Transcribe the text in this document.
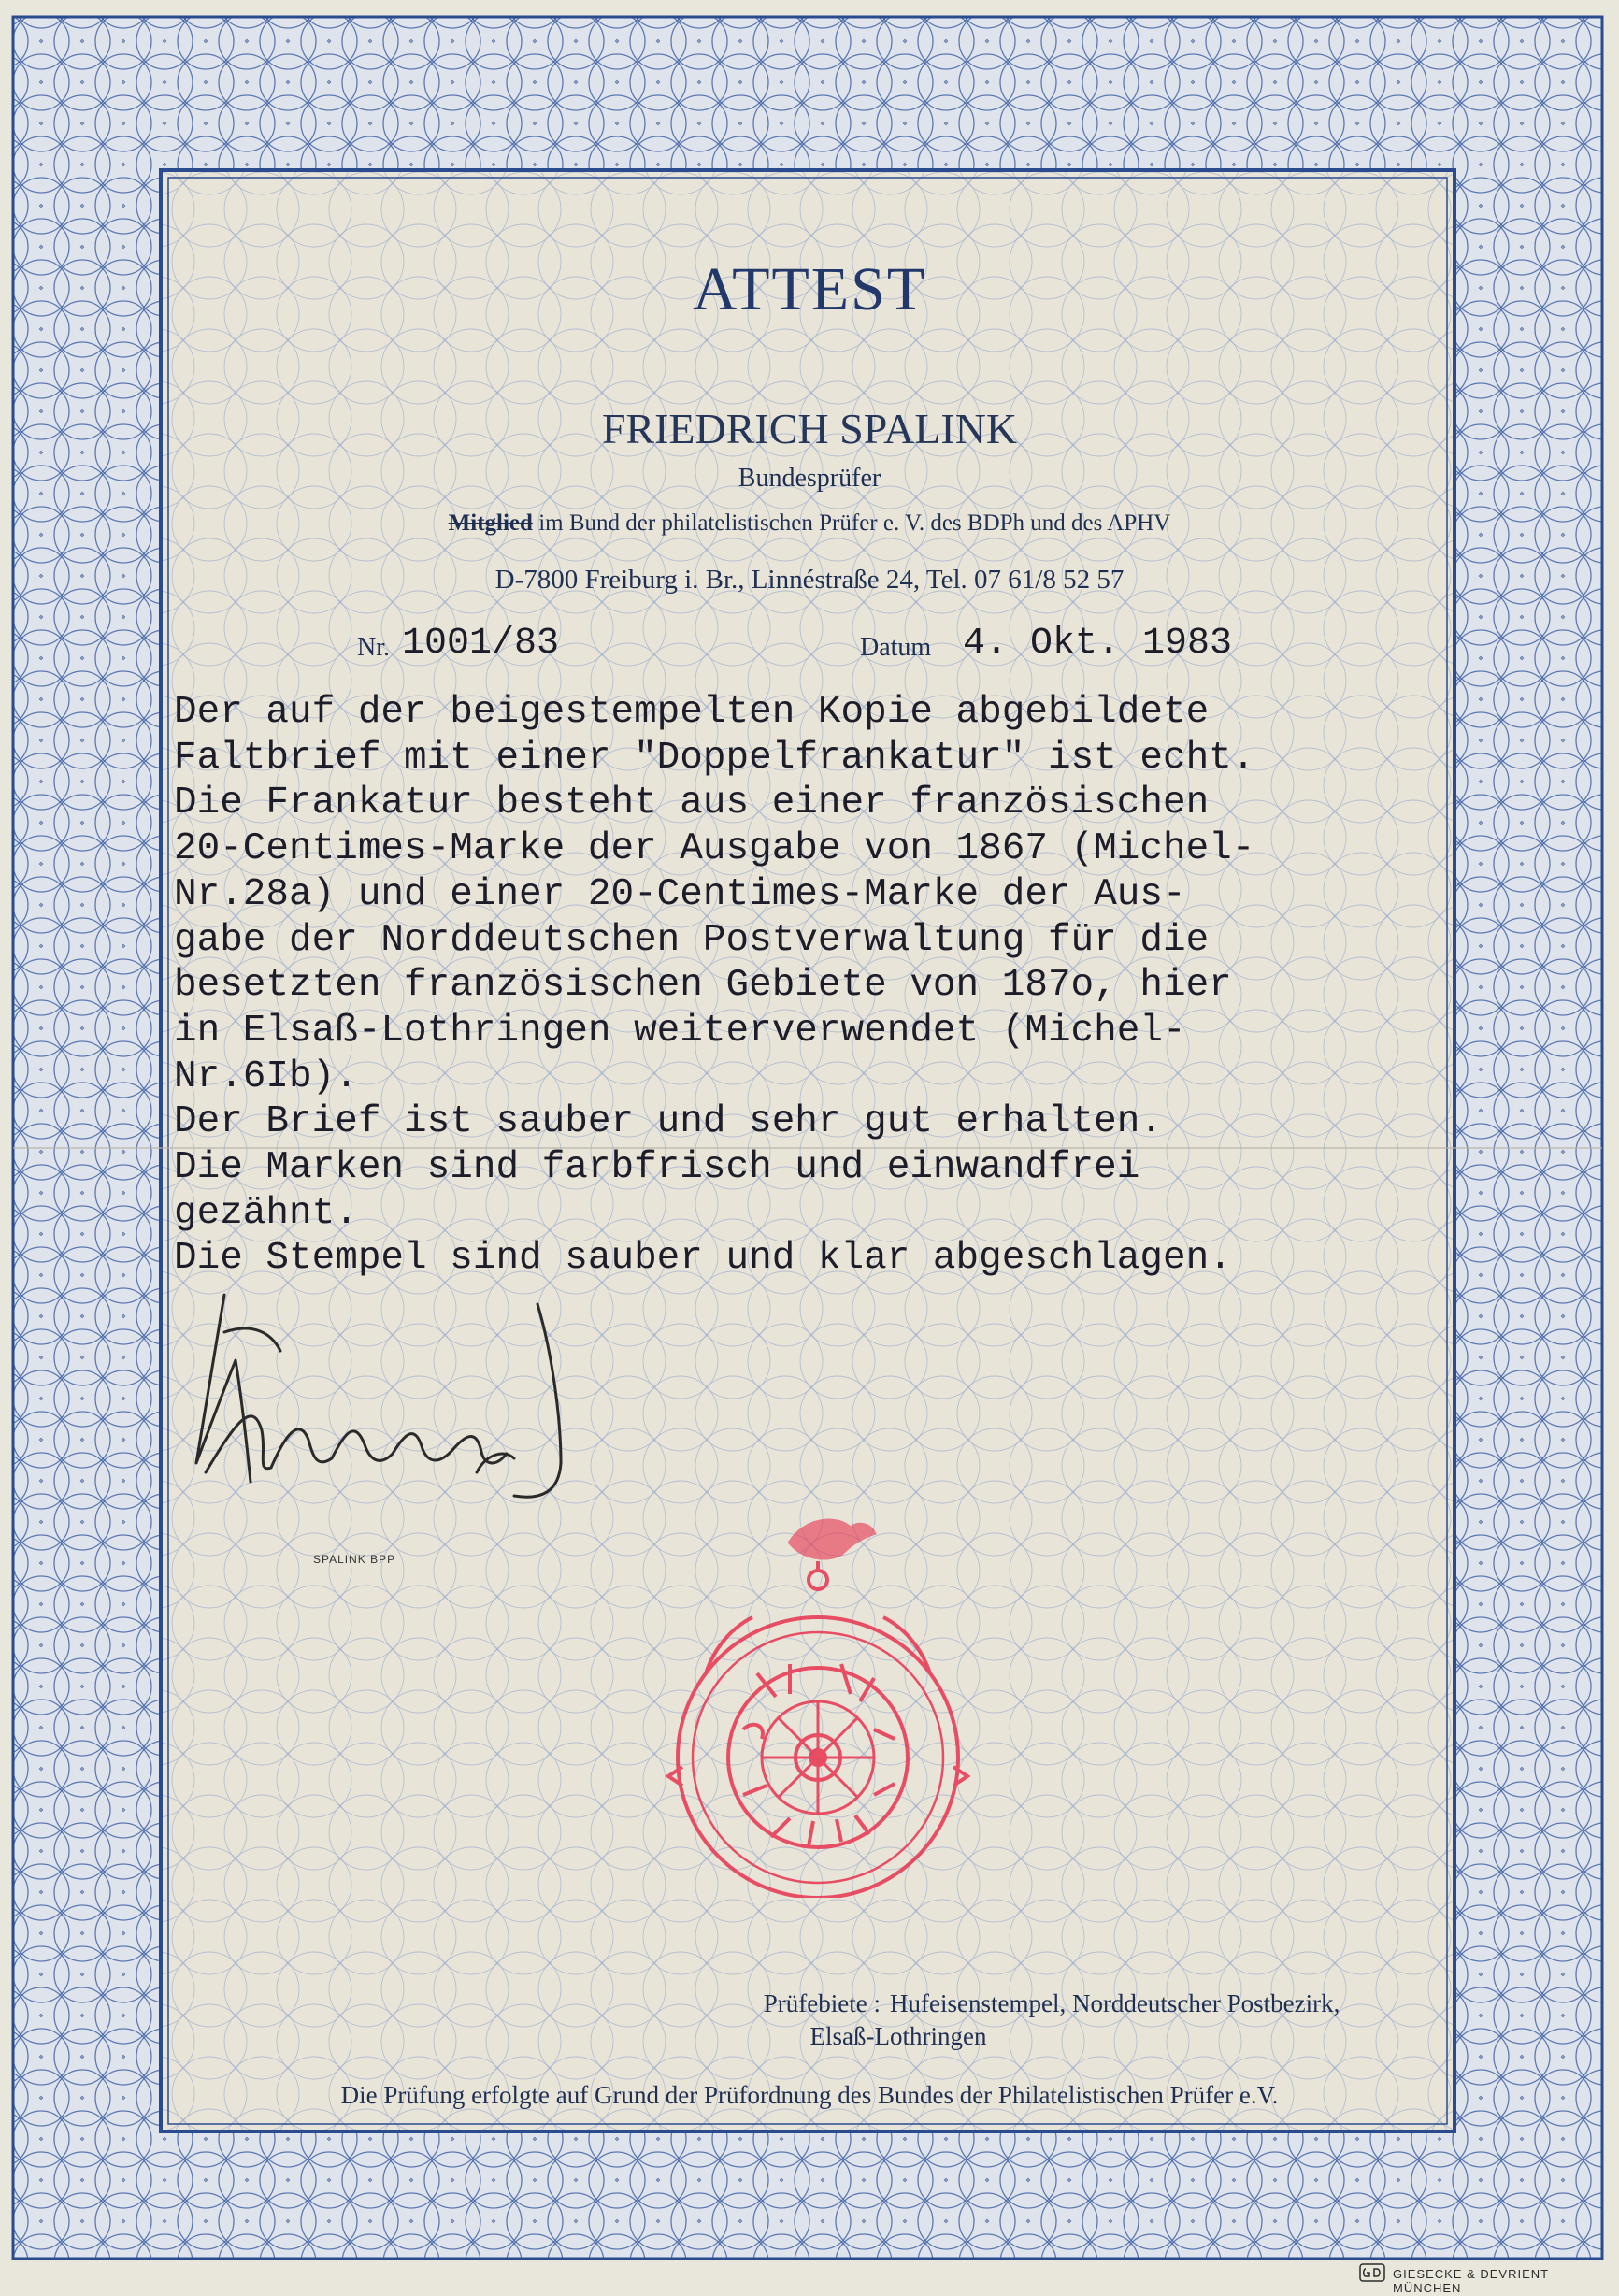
ATTEST
FRIEDRICH SPALINK
Bundesprüfer
Mitglied im Bund der philatelistischen Prüfer e. V. des BDPh und des APHV
D-7800 Freiburg i. Br., Linnéstraße 24, Tel. 07 61/8 52 57
Nr. 1001/83	Datum 4. Okt. 1983
Der auf der beigestempelten Kopie abgebildete
Faltbrief mit einer "Doppelfrankatur" ist echt.
Die Frankatur besteht aus einer französischen
20-Centimes-Marke der Ausgabe von 1867 (Michel-
Nr.28a) und einer 20-Centimes-Marke der Aus-
gabe der Norddeutschen Postverwaltung für die
besetzten französischen Gebiete von 187o, hier
in Elsaß-Lothringen weiterverwendet (Michel-
Nr.6Ib).
Der Brief ist sauber und sehr gut erhalten.
Die Marken sind farbfrisch und einwandfrei
gezähnt.
Die Stempel sind sauber und klar abgeschlagen.
SPALINK BPP
Prüfebiete : Hufeisenstempel, Norddeutscher Postbezirk,
Elsaß-Lothringen
Die Prüfung erfolgte auf Grund der Prüfordnung des Bundes der Philatelistischen Prüfer e.V.
GIESECKE & DEVRIENT MÜNCHEN
